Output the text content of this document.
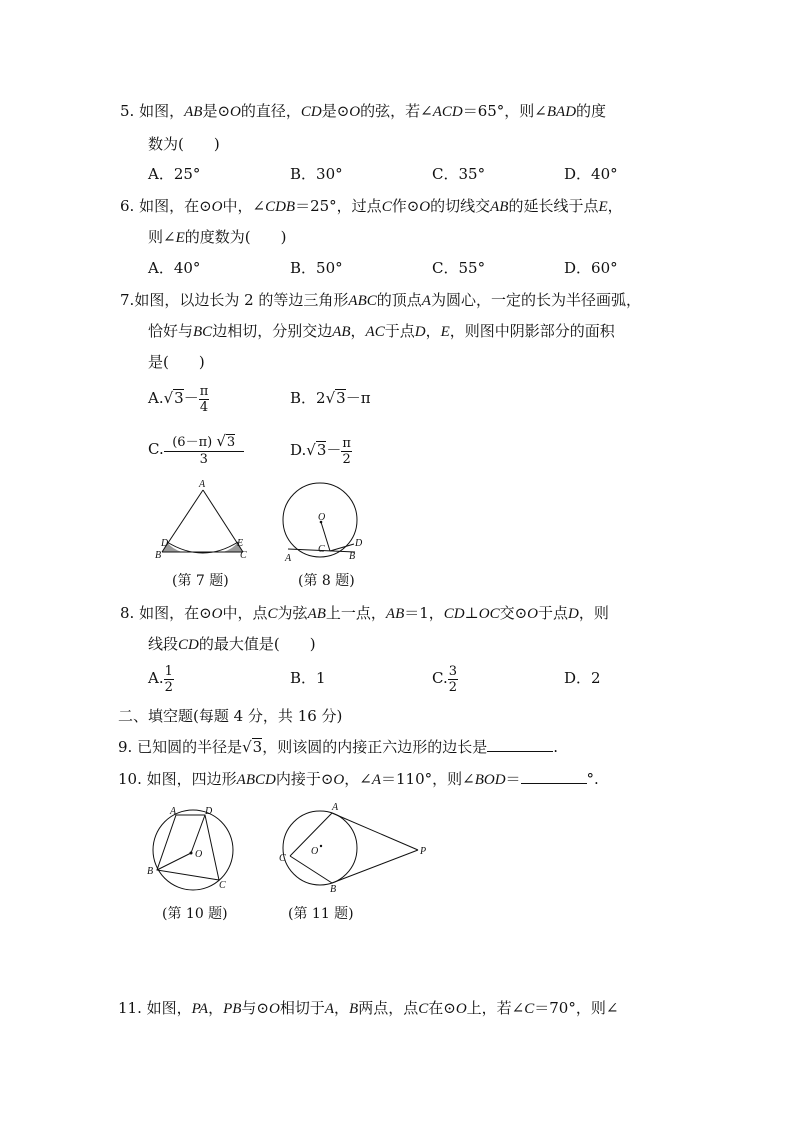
5. 如图，AB是⊙O的直径，CD是⊙O的弦，若∠ACD＝65°，则∠BAD的度
数为(　　)
A．25°	B．30°	C．35°	D．40°
6. 如图，在⊙O中，∠CDB＝25°，过点C作⊙O的切线交AB的延长线于点E，
则∠E的度数为(　　)
A．40°	B．50°	C．55°	D．60°
7.如图，以边长为 2 的等边三角形ABC的顶点A为圆心，一定的长为半径画弧，
恰好与BC边相切，分别交边AB，AC于点D，E，则图中阴影部分的面积
是(　　)
$A.√3- \frac{\pi}{4}$	B．2√3－π
C. $\frac{(6-\pi) √3}{3}$	$D.√3- \frac{\pi}{2}$
A
D
B
E
C
(第 7 题)
O
A
C
D
B
(第 8 题)
8. 如图，在⊙O中，点C为弦AB上一点，AB＝1，CD⊥OC交⊙O于点D，则
线段CD的最大值是(　　)
A. $\frac{1}{2}$	B．1	C. $\frac{3}{2}$	D．2
二、填空题(每题 4 分，共 16 分)
9. 已知圆的半径是√3，则该圆的内接正六边形的边长是	.
10. 如图，四边形ABCD内接于⊙O，∠A＝110°，则∠BOD＝	°.
A	D
O
B
C
(第 10 题)
A
O
C
P
B
(第 11 题)
11. 如图，PA，PB与⊙O相切于A，B两点，点C在⊙O上，若∠C＝70°，则∠
